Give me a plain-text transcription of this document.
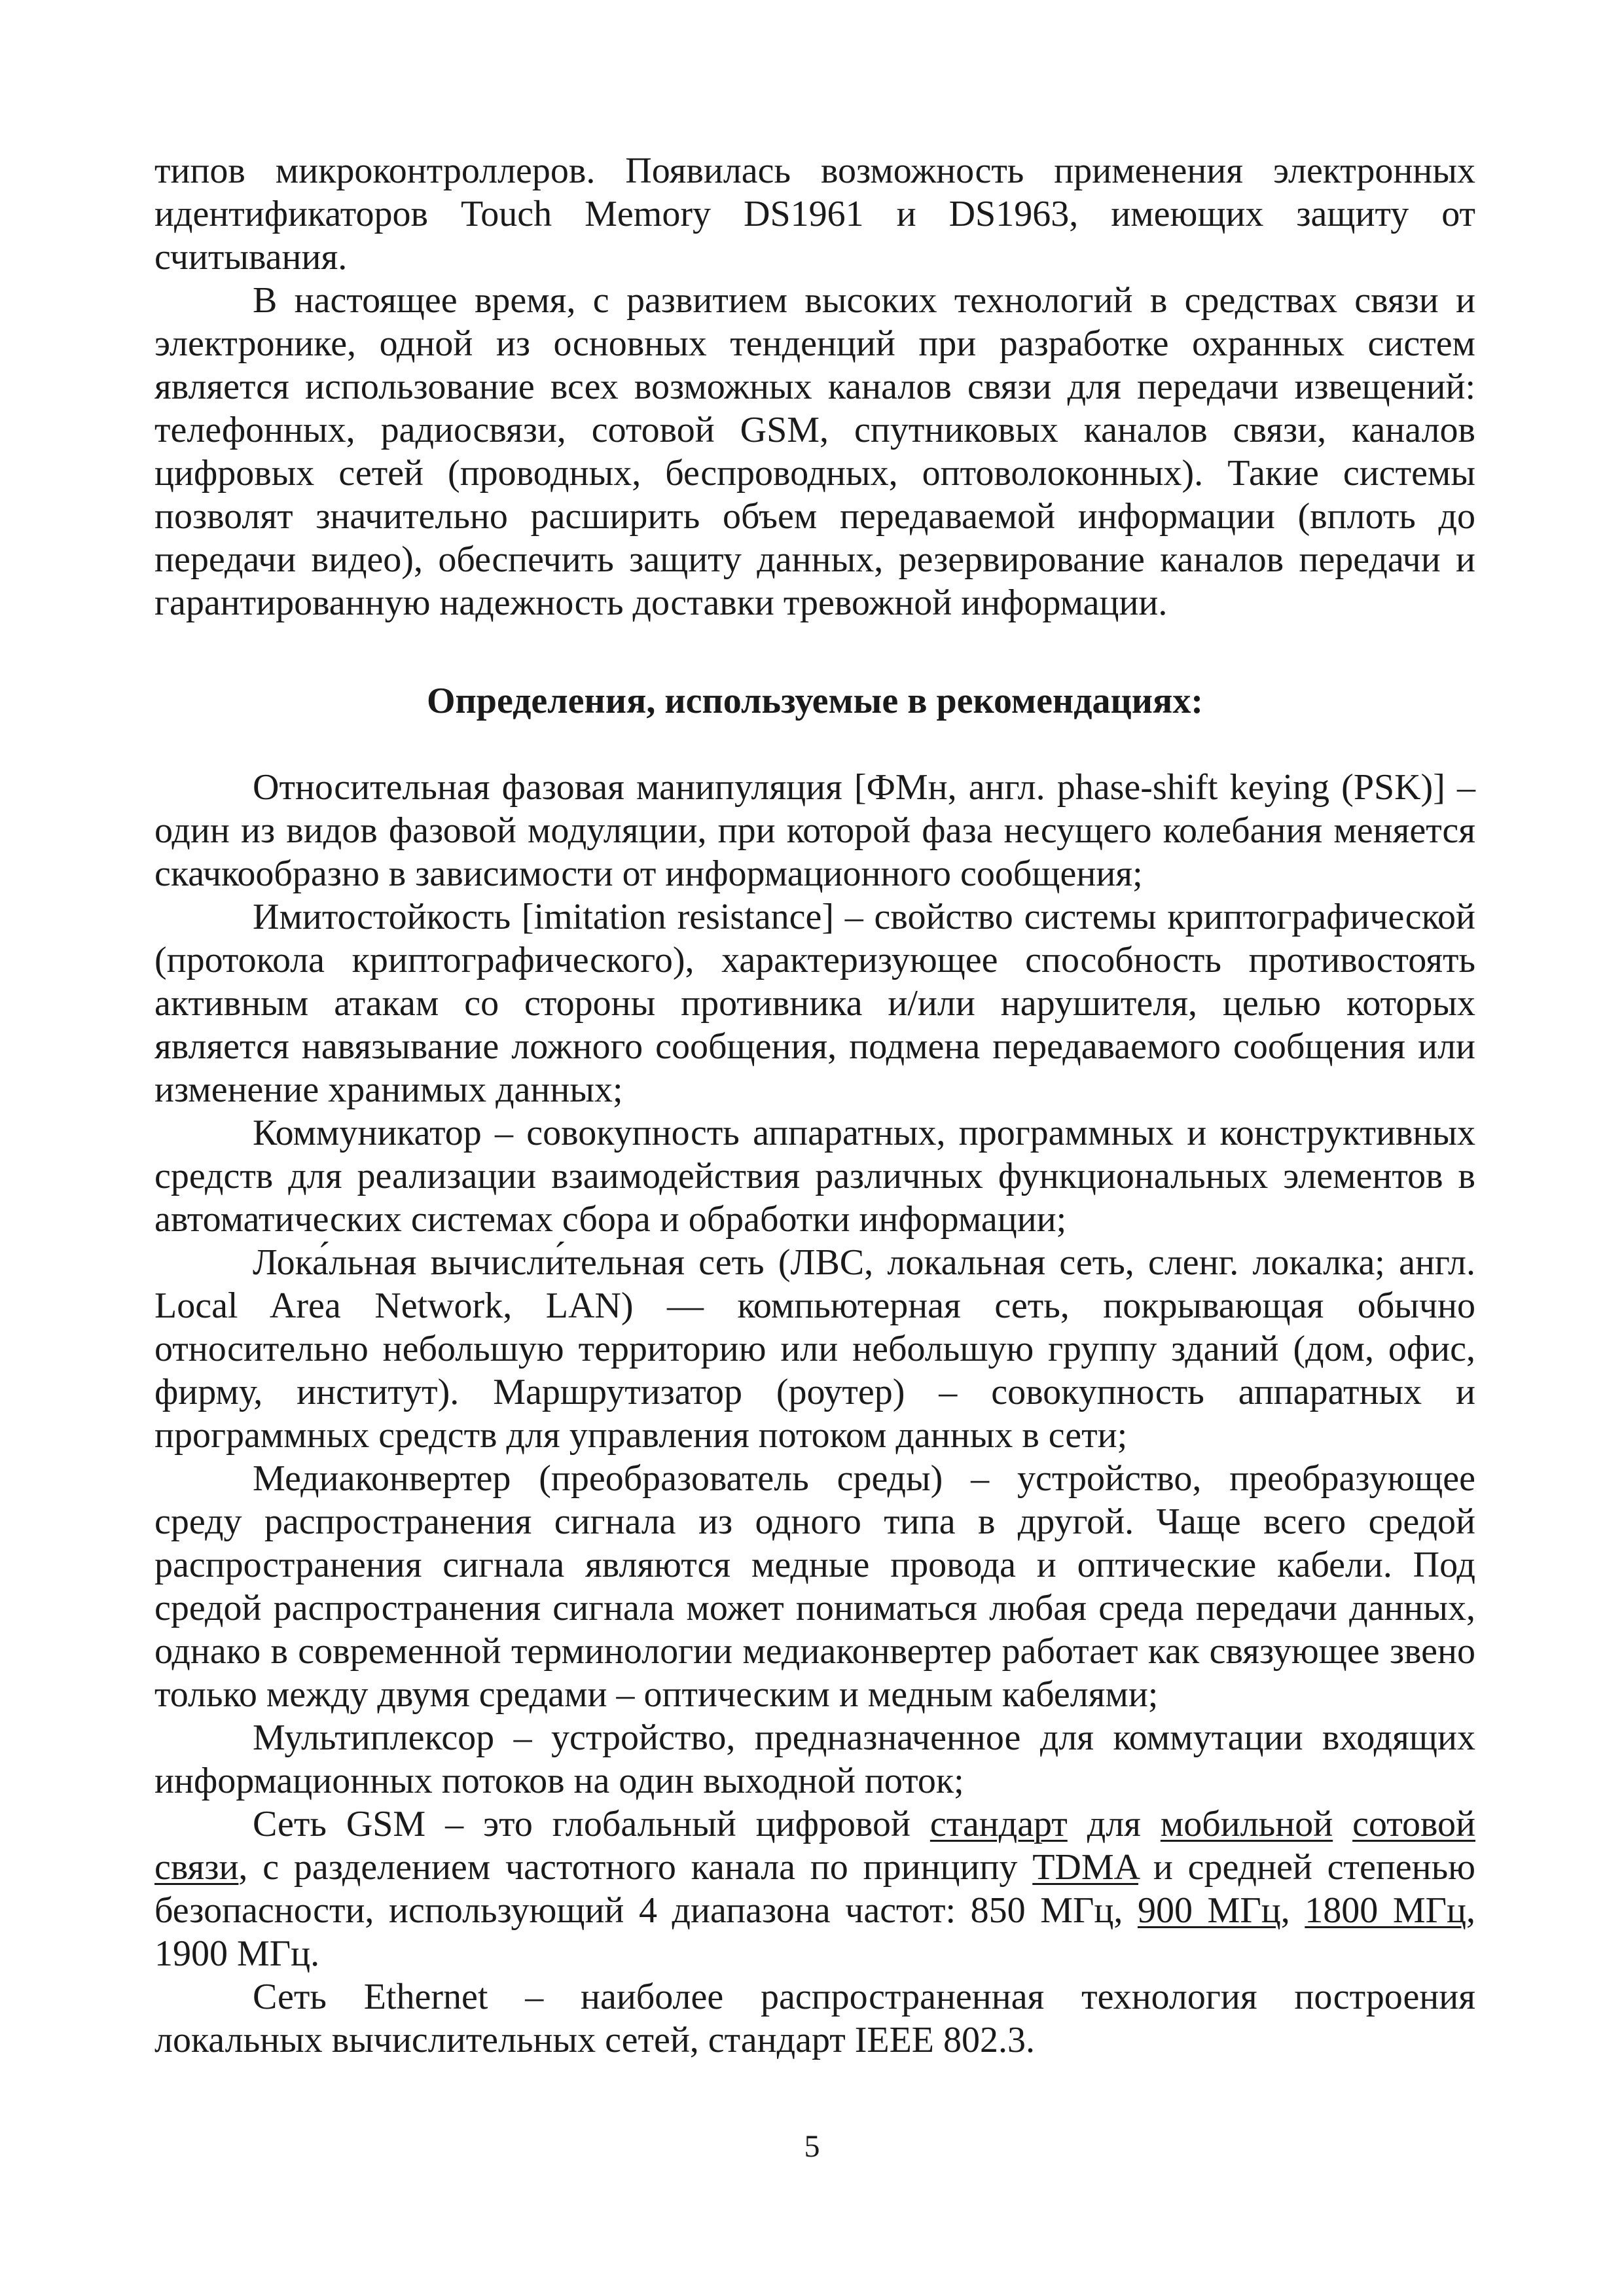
типов микроконтроллеров. Появилась возможность применения электронных идентификаторов Touch Memory DS1961 и DS1963, имеющих защиту от считывания.

В настоящее время, с развитием высоких технологий в средствах связи и электронике, одной из основных тенденций при разработке охранных систем является использование всех возможных каналов связи для передачи извещений: телефонных, радиосвязи, сотовой GSM, спутниковых каналов связи, каналов цифровых сетей (проводных, беспроводных, оптоволоконных). Такие системы позволят значительно расширить объем передаваемой информации (вплоть до передачи видео), обеспечить защиту данных, резервирование каналов передачи и гарантированную надежность доставки тревожной информации.

Определения, используемые в рекомендациях:

Относительная фазовая манипуляция [ФМн, англ. phase-shift keying (PSK)] – один из видов фазовой модуляции, при которой фаза несущего колебания меняется скачкообразно в зависимости от информационного сообщения;

Имитостойкость [imitation resistance] – свойство системы криптографической (протокола криптографического), характеризующее способность противостоять активным атакам со стороны противника и/или нарушителя, целью которых является навязывание ложного сообщения, подмена передаваемого сообщения или изменение хранимых данных;

Коммуникатор – совокупность аппаратных, программных и конструктивных средств для реализации взаимодействия различных функциональных элементов в автоматических системах сбора и обработки информации;

Лока́льная вычисли́тельная сеть (ЛВС, локальная сеть, сленг. локалка; англ. Local Area Network, LAN) — компьютерная сеть, покрывающая обычно относительно небольшую территорию или небольшую группу зданий (дом, офис, фирму, институт). Маршрутизатор (роутер) – совокупность аппаратных и программных средств для управления потоком данных в сети;

Медиаконвертер (преобразователь среды) – устройство, преобразующее среду распространения сигнала из одного типа в другой. Чаще всего средой распространения сигнала являются медные провода и оптические кабели. Под средой распространения сигнала может пониматься любая среда передачи данных, однако в современной терминологии медиаконвертер работает как связующее звено только между двумя средами – оптическим и медным кабелями;

Мультиплексор – устройство, предназначенное для коммутации входящих информационных потоков на один выходной поток;

Сеть GSM – это глобальный цифровой стандарт для мобильной сотовой связи, с разделением частотного канала по принципу TDMA и средней степенью безопасности, использующий 4 диапазона частот: 850 МГц, 900 МГц, 1800 МГц, 1900 МГц.

Сеть Ethernet – наиболее распространенная технология построения локальных вычислительных сетей, стандарт IEEE 802.3.

5
